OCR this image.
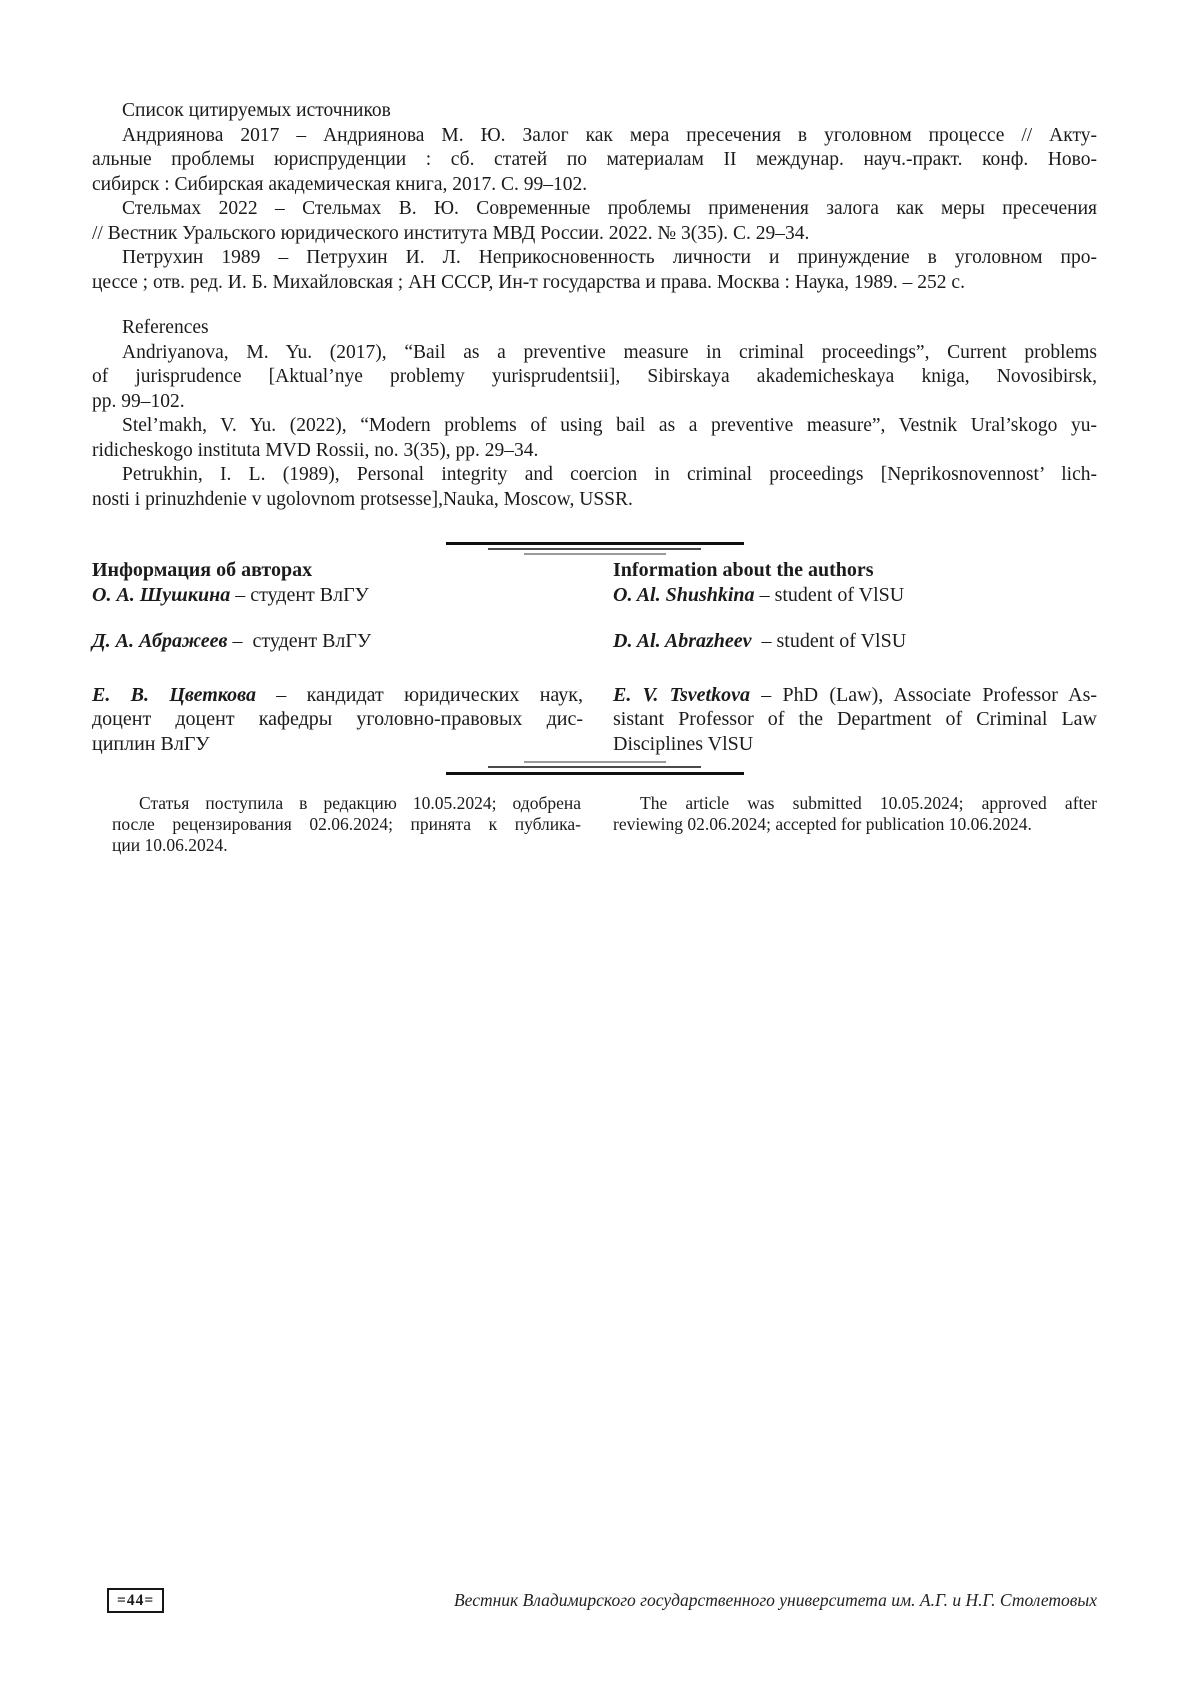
Список цитируемых источников
Андриянова 2017 – Андриянова М. Ю. Залог как мера пресечения в уголовном процессе // Акту-
альные проблемы юриспруденции : сб. статей по материалам II междунар. науч.-практ. конф. Ново-
сибирск : Сибирская академическая книга, 2017. С. 99–102.
Стельмах 2022 – Стельмах В. Ю. Современные проблемы применения залога как меры пресечения
// Вестник Уральского юридического института МВД России. 2022. № 3(35). С. 29–34.
Петрухин 1989 – Петрухин И. Л. Неприкосновенность личности и принуждение в уголовном про-
цессе ; отв. ред. И. Б. Михайловская ; АН СССР, Ин-т государства и права. Москва : Наука, 1989. – 252 с.
References
Andriyanova, M. Yu. (2017), “Bail as a preventive measure in criminal proceedings”, Current problems
of jurisprudence [Aktual’nye problemy yurisprudentsii], Sibirskaya akademicheskaya kniga, Novosibirsk,
pp. 99–102.
Stel’makh, V. Yu. (2022), “Modern problems of using bail as a preventive measure”, Vestnik Ural’skogo yu-
ridicheskogo instituta MVD Rossii, no. 3(35), pp. 29–34.
Petrukhin, I. L. (1989), Personal integrity and coercion in criminal proceedings [Neprikosnovennost’ lich-
nosti i prinuzhdenie v ugolovnom protsesse],Nauka, Moscow, USSR.
Информация об авторах
О. А. Шушкина – студент ВлГУ
Д. А. Абражеев –  студент ВлГУ
Е. В. Цветкова – кандидат юридических наук,
доцент доцент кафедры уголовно-правовых дис-
циплин ВлГУ
Information about the authors
O. Al. Shushkina – student of VlSU
D. Al. Abrazheev  – student of VlSU
E. V. Tsvetkova – PhD (Law), Associate Professor As-
sistant Professor of the Department of Criminal Law
Disciplines VlSU
Статья поступила в редакцию 10.05.2024; одобрена
после рецензирования 02.06.2024; принята к публика-
ции 10.06.2024.
The article was submitted 10.05.2024; approved after
reviewing 02.06.2024; accepted for publication 10.06.2024.
=44=	Вестник Владимирского государственного университета им. А.Г. и Н.Г. Столетовых
